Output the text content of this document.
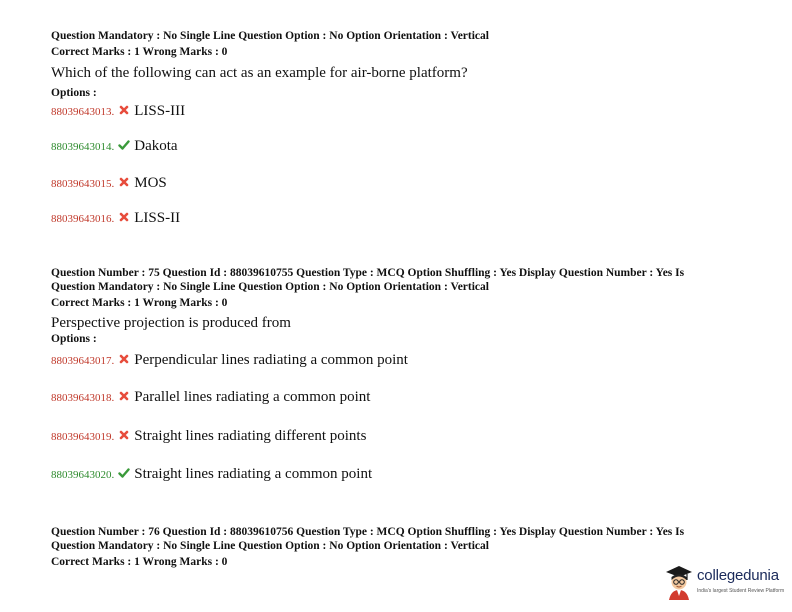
Question Mandatory : No Single Line Question Option : No Option Orientation : Vertical
Correct Marks : 1 Wrong Marks : 0
Which of the following can act as an example for air-borne platform?
Options :
88039643013. LISS-III
88039643014. Dakota
88039643015. MOS
88039643016. LISS-II
Question Number : 75 Question Id : 88039610755 Question Type : MCQ Option Shuffling : Yes Display Question Number : Yes Is
Question Mandatory : No Single Line Question Option : No Option Orientation : Vertical
Correct Marks : 1 Wrong Marks : 0
Perspective projection is produced from
Options :
88039643017. Perpendicular lines radiating a common point
88039643018. Parallel lines radiating a common point
88039643019. Straight lines radiating different points
88039643020. Straight lines radiating a common point
Question Number : 76 Question Id : 88039610756 Question Type : MCQ Option Shuffling : Yes Display Question Number : Yes Is
Question Mandatory : No Single Line Question Option : No Option Orientation : Vertical
Correct Marks : 1 Wrong Marks : 0
collegedunia
India's largest Student Review Platform
